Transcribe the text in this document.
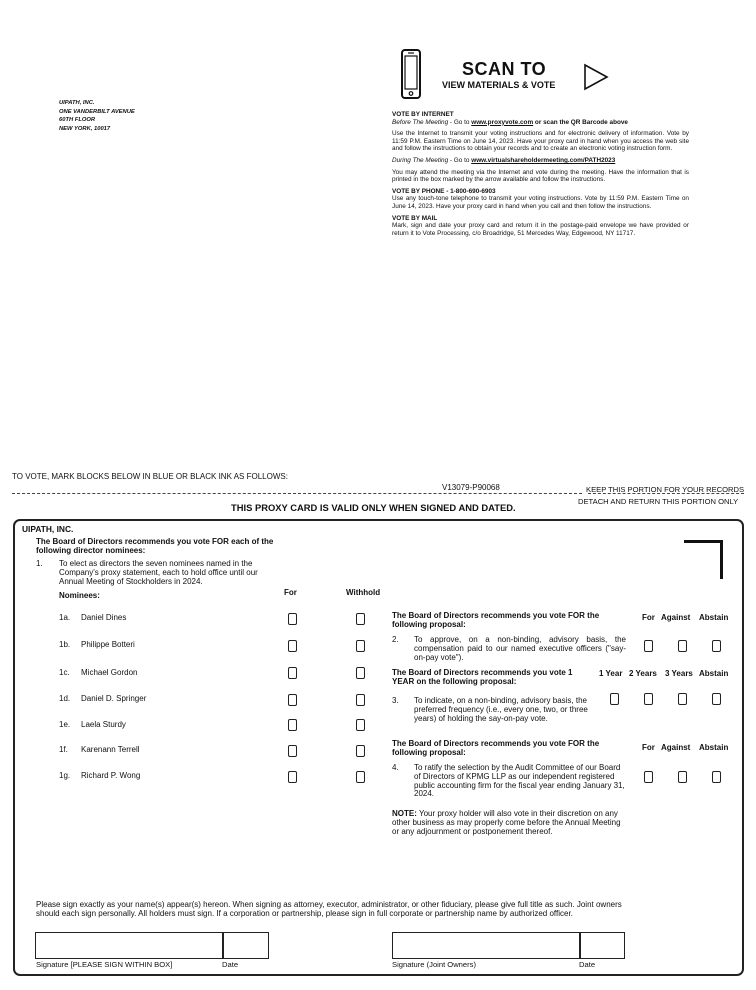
SCAN TO
VIEW MATERIALS & VOTE
UIPATH, INC.
ONE VANDERBILT AVENUE
60TH FLOOR
NEW YORK, 10017
VOTE BY INTERNET
Before The Meeting - Go to www.proxyvote.com or scan the QR Barcode above
Use the Internet to transmit your voting instructions and for electronic delivery of information. Vote by 11:59 P.M. Eastern Time on June 14, 2023. Have your proxy card in hand when you access the web site and follow the instructions to obtain your records and to create an electronic voting instruction form.
During The Meeting - Go to www.virtualshareholdermeeting.com/PATH2023
You may attend the meeting via the Internet and vote during the meeting. Have the information that is printed in the box marked by the arrow available and follow the instructions.
VOTE BY PHONE - 1-800-690-6903
Use any touch-tone telephone to transmit your voting instructions. Vote by 11:59 P.M. Eastern Time on June 14, 2023. Have your proxy card in hand when you call and then follow the instructions.
VOTE BY MAIL
Mark, sign and date your proxy card and return it in the postage-paid envelope we have provided or return it to Vote Processing, c/o Broadridge, 51 Mercedes Way, Edgewood, NY 11717.
TO VOTE, MARK BLOCKS BELOW IN BLUE OR BLACK INK AS FOLLOWS:
V13079-P90068	KEEP THIS PORTION FOR YOUR RECORDS
THIS PROXY CARD IS VALID ONLY WHEN SIGNED AND DATED.
DETACH AND RETURN THIS PORTION ONLY
UIPATH, INC.
The Board of Directors recommends you vote FOR each of the following director nominees:
1. To elect as directors the seven nominees named in the Company's proxy statement, each to hold office until our Annual Meeting of Stockholders in 2024.
Nominees:	For	Withhold
1a. Daniel Dines
1b. Philippe Botteri
1c. Michael Gordon
1d. Daniel D. Springer
1e. Laela Sturdy
1f. Karenann Terrell
1g. Richard P. Wong
The Board of Directors recommends you vote FOR the following proposal:
For Against Abstain
2. To approve, on a non-binding, advisory basis, the compensation paid to our named executive officers ("say-on-pay vote").
The Board of Directors recommends you vote 1 YEAR on the following proposal:
1 Year 2 Years 3 Years Abstain
3. To indicate, on a non-binding, advisory basis, the preferred frequency (i.e., every one, two, or three years) of holding the say-on-pay vote.
The Board of Directors recommends you vote FOR the following proposal:
For Against Abstain
4. To ratify the selection by the Audit Committee of our Board of Directors of KPMG LLP as our independent registered public accounting firm for the fiscal year ending January 31, 2024.
NOTE: Your proxy holder will also vote in their discretion on any other business as may properly come before the Annual Meeting or any adjournment or postponement thereof.
Please sign exactly as your name(s) appear(s) hereon. When signing as attorney, executor, administrator, or other fiduciary, please give full title as such. Joint owners should each sign personally. All holders must sign. If a corporation or partnership, please sign in full corporate or partnership name by authorized officer.
Signature [PLEASE SIGN WITHIN BOX]	Date	Signature (Joint Owners)	Date
